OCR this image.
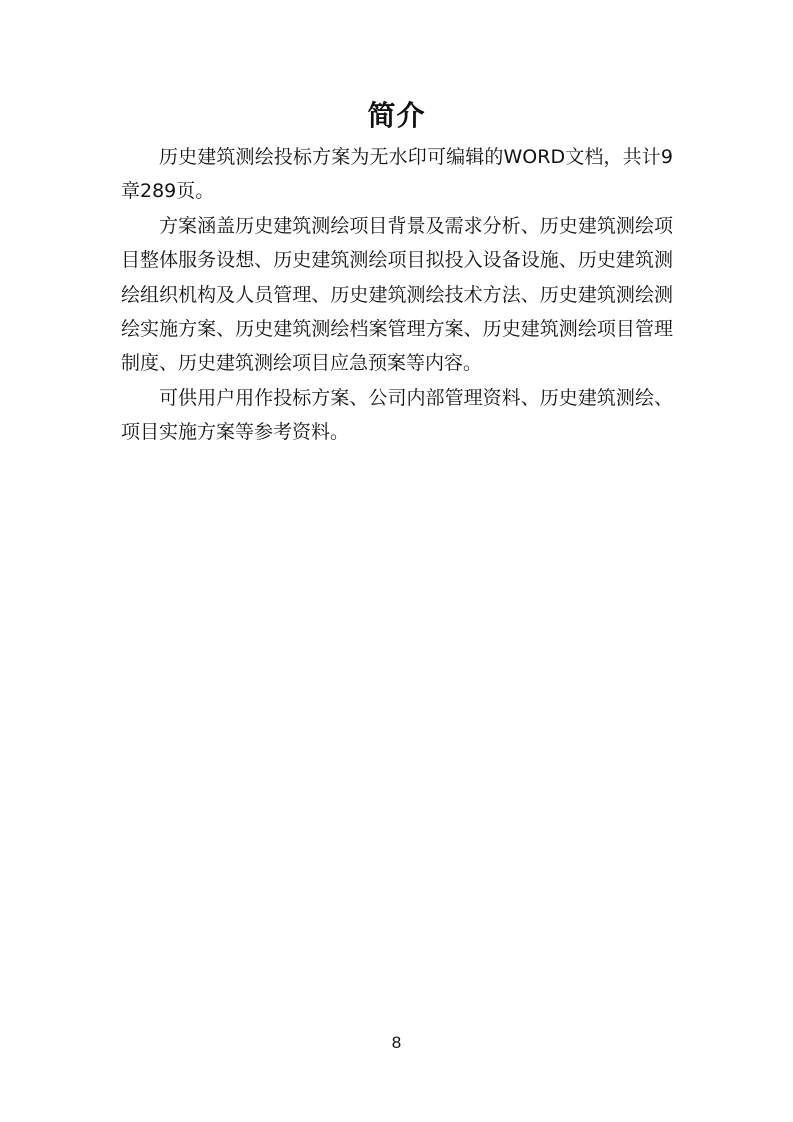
简介

历史建筑测绘投标方案为无水印可编辑的WORD文档，共计9章289页。

方案涵盖历史建筑测绘项目背景及需求分析、历史建筑测绘项目整体服务设想、历史建筑测绘项目拟投入设备设施、历史建筑测绘组织机构及人员管理、历史建筑测绘技术方法、历史建筑测绘测绘实施方案、历史建筑测绘档案管理方案、历史建筑测绘项目管理制度、历史建筑测绘项目应急预案等内容。

可供用户用作投标方案、公司内部管理资料、历史建筑测绘、项目实施方案等参考资料。

8
